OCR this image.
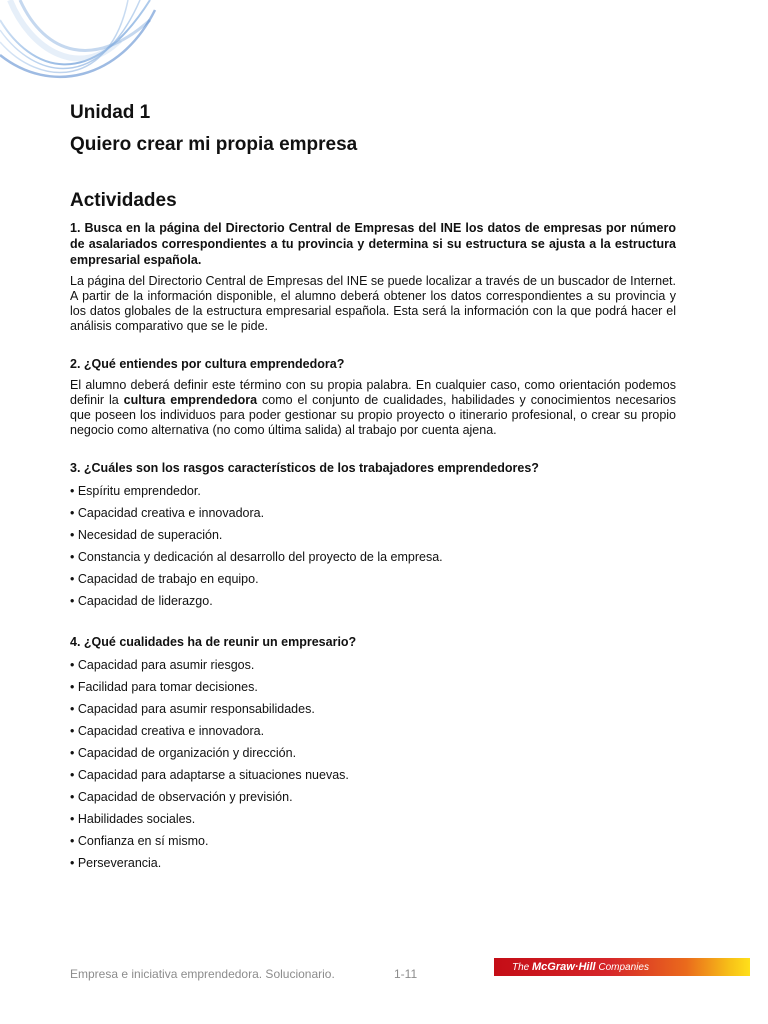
Unidad 1
Quiero crear mi propia empresa
Actividades

1. Busca en la página del Directorio Central de Empresas del INE los datos de empresas por número de asalariados correspondientes a tu provincia y determina si su estructura se ajusta a la estructura empresarial española.

La página del Directorio Central de Empresas del INE se puede localizar a través de un buscador de Internet. A partir de la información disponible, el alumno deberá obtener los datos correspondientes a su provincia y los datos globales de la estructura empresarial española. Esta será la información con la que podrá hacer el análisis comparativo que se le pide.

2. ¿Qué entiendes por cultura emprendedora?

El alumno deberá definir este término con su propia palabra. En cualquier caso, como orientación podemos definir la cultura emprendedora como el conjunto de cualidades, habilidades y conocimientos necesarios que poseen los individuos para poder gestionar su propio proyecto o itinerario profesional, o crear su propio negocio como alternativa (no como última salida) al trabajo por cuenta ajena.

3. ¿Cuáles son los rasgos característicos de los trabajadores emprendedores?

• Espíritu emprendedor.
• Capacidad creativa e innovadora.
• Necesidad de superación.
• Constancia y dedicación al desarrollo del proyecto de la empresa.
• Capacidad de trabajo en equipo.
• Capacidad de liderazgo.

4. ¿Qué cualidades ha de reunir un empresario?

• Capacidad para asumir riesgos.
• Facilidad para tomar decisiones.
• Capacidad para asumir responsabilidades.
• Capacidad creativa e innovadora.
• Capacidad de organización y dirección.
• Capacidad para adaptarse a situaciones nuevas.
• Capacidad de observación y previsión.
• Habilidades sociales.
• Confianza en sí mismo.
• Perseverancia.
Empresa e iniciativa emprendedora. Solucionario.	1-11	The McGraw·Hill Companies
